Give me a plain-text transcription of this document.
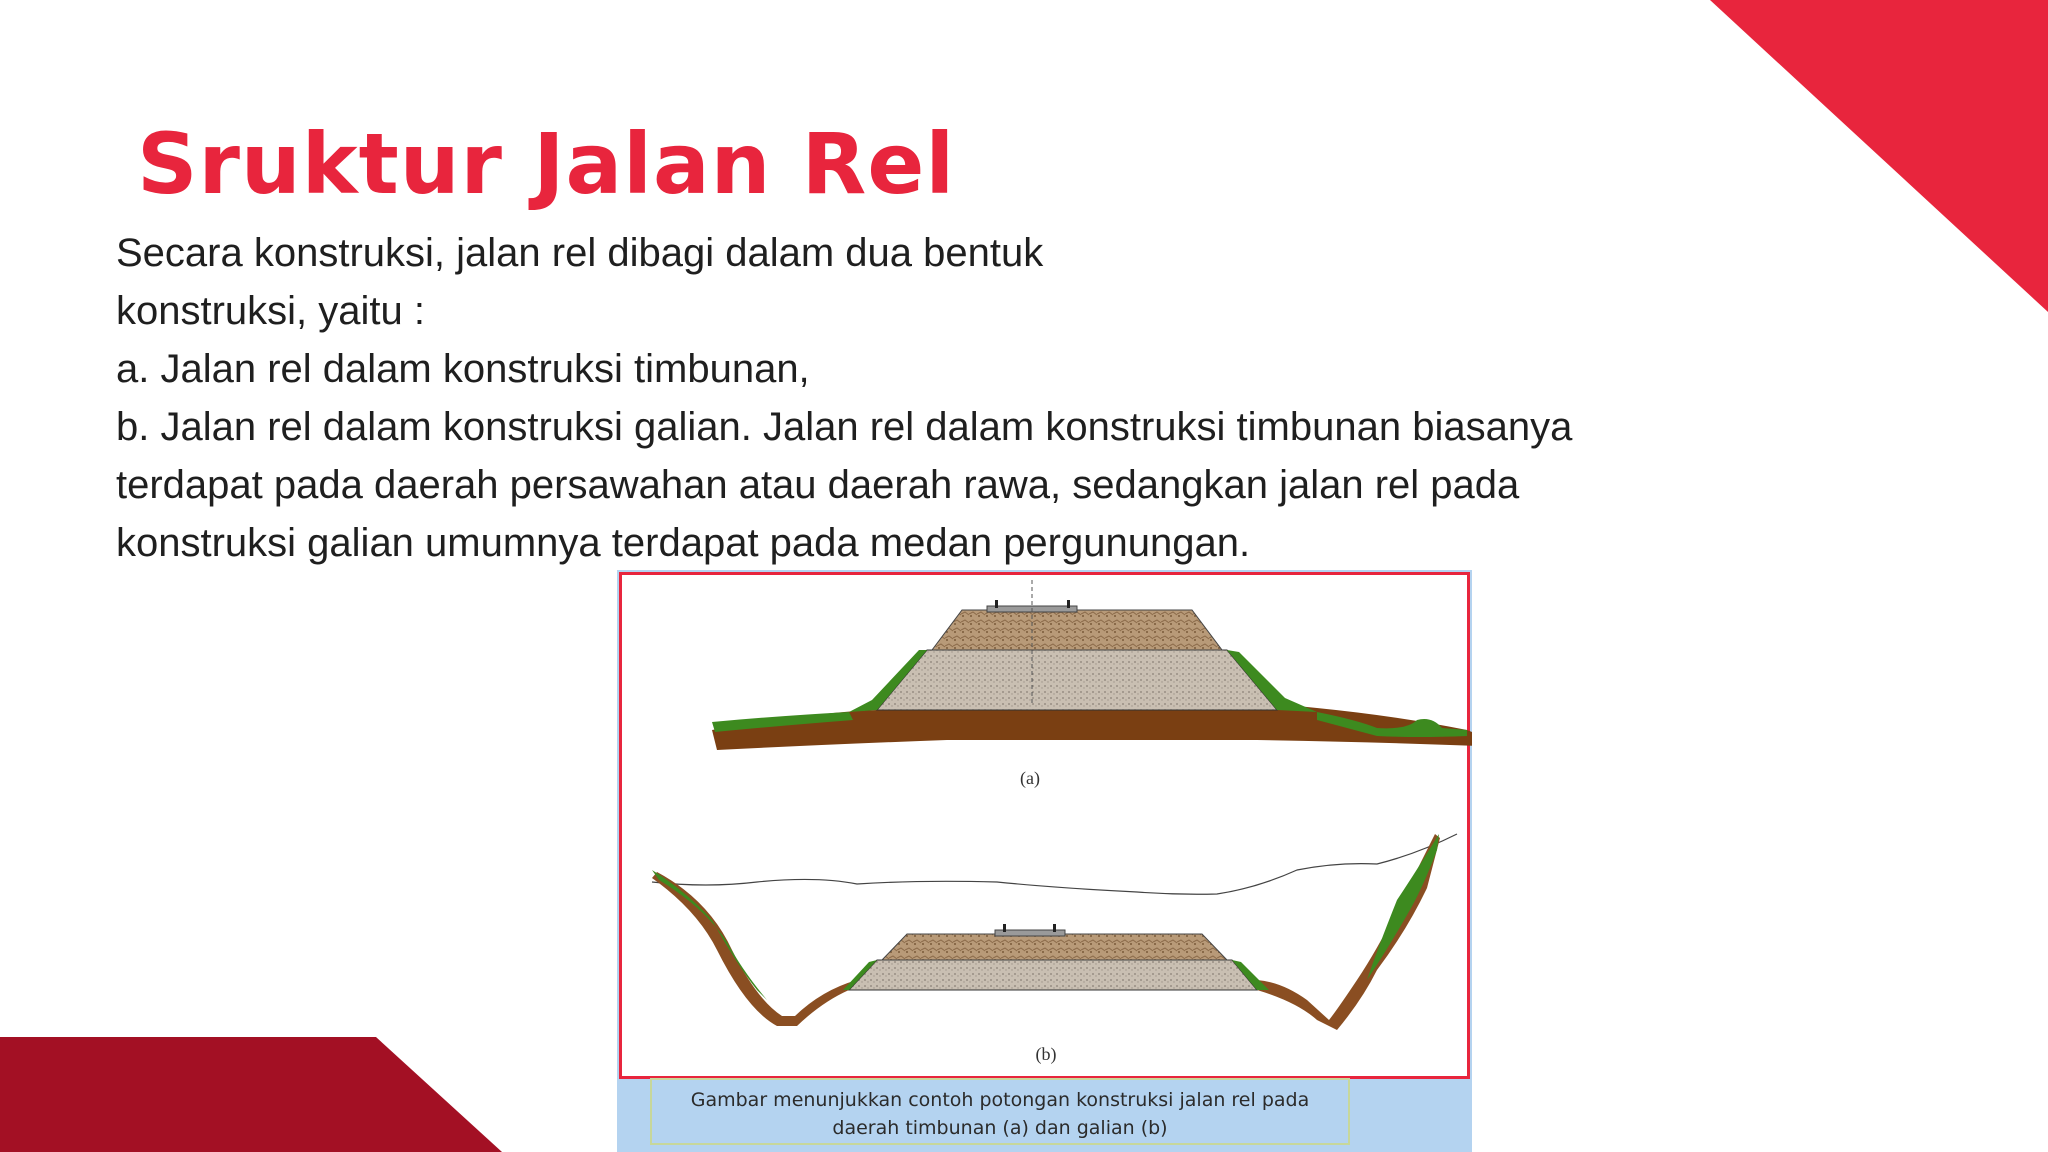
Sruktur Jalan Rel
Secara konstruksi, jalan rel dibagi dalam dua bentuk
konstruksi, yaitu :
a. Jalan rel dalam konstruksi timbunan,
b. Jalan rel dalam konstruksi galian. Jalan rel dalam konstruksi timbunan biasanya
terdapat pada daerah persawahan atau daerah rawa, sedangkan jalan rel pada
konstruksi galian umumnya terdapat pada medan pergunungan.
(a)
(b)
Gambar menunjukkan contoh potongan konstruksi jalan rel pada
daerah timbunan (a) dan galian (b)
